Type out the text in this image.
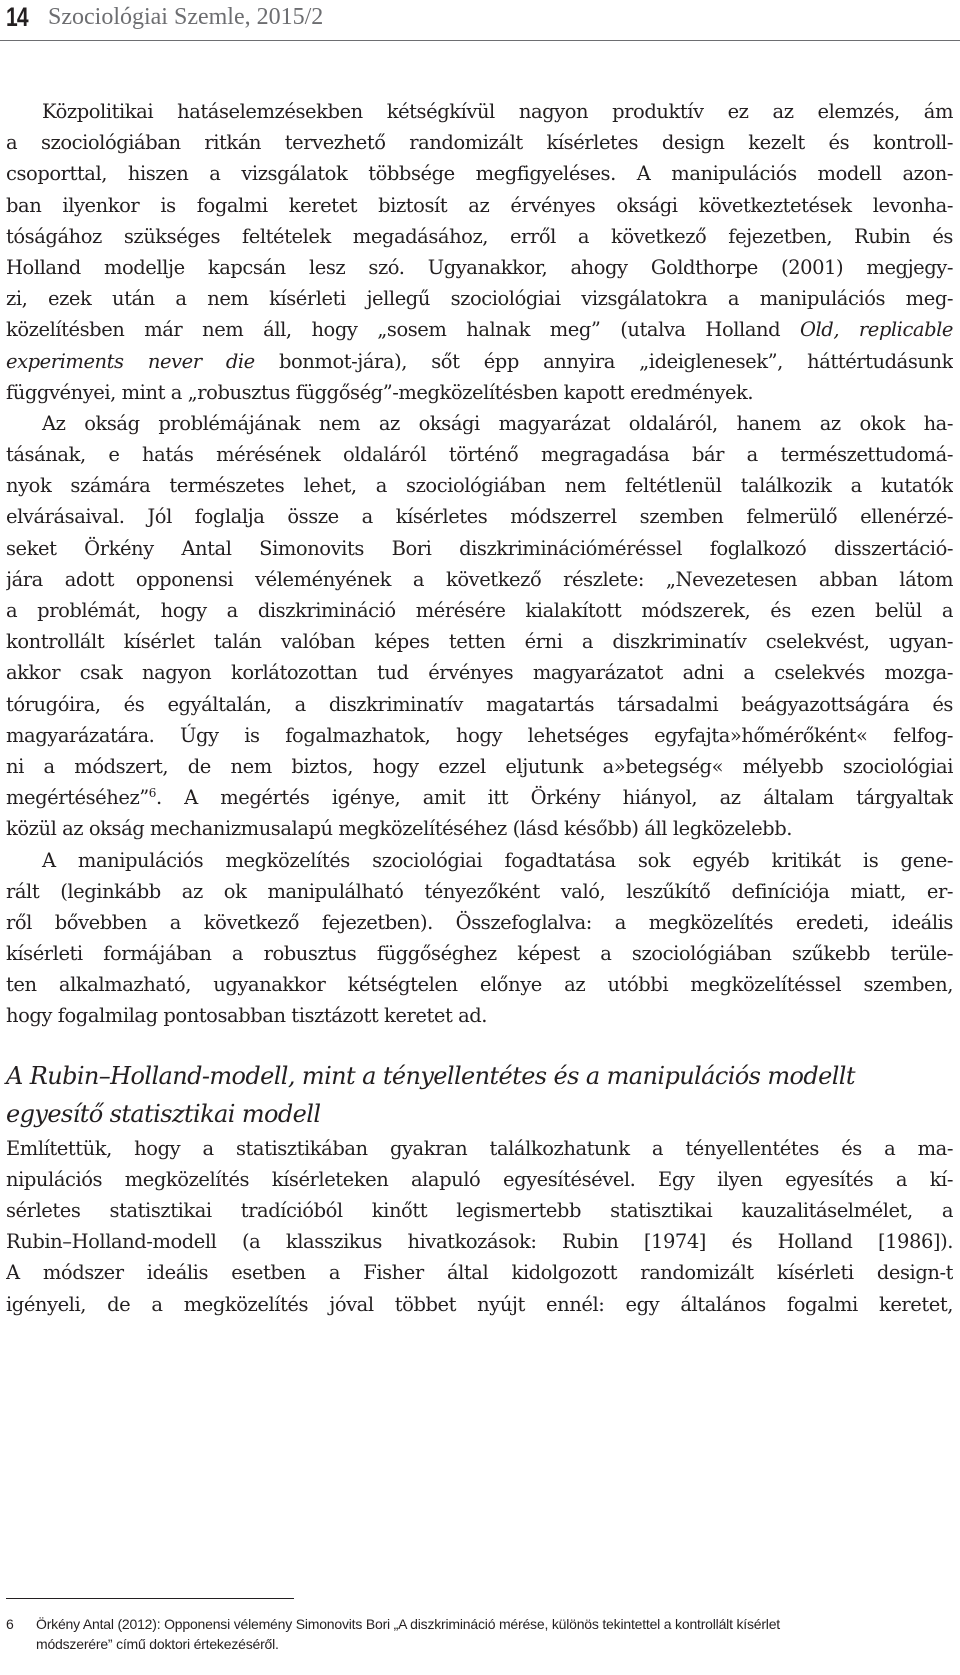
14 Szociológiai Szemle, 2015/2
Közpolitikai hatáselemzésekben kétségkívül nagyon produktív ez az elemzés, ám
a szociológiában ritkán tervezhető randomizált kísérletes design kezelt és kontroll-
csoporttal, hiszen a vizsgálatok többsége megfigyeléses. A manipulációs modell azon-
ban ilyenkor is fogalmi keretet biztosít az érvényes oksági következtetések levonha-
tóságához szükséges feltételek megadásához, erről a következő fejezetben, Rubin és
Holland modellje kapcsán lesz szó. Ugyanakkor, ahogy Goldthorpe (2001) megjegy-
zi, ezek után a nem kísérleti jellegű szociológiai vizsgálatokra a manipulációs meg-
közelítésben már nem áll, hogy „sosem halnak meg” (utalva Holland Old, replicable
experiments never die bonmot-jára), sőt épp annyira „ideiglenesek”, háttértudásunk
függvényei, mint a „robusztus függőség”-megközelítésben kapott eredmények.
Az okság problémájának nem az oksági magyarázat oldaláról, hanem az okok ha-
tásának, e hatás mérésének oldaláról történő megragadása bár a természettudomá-
nyok számára természetes lehet, a szociológiában nem feltétlenül találkozik a kutatók
elvárásaival. Jól foglalja össze a kísérletes módszerrel szemben felmerülő ellenérzé-
seket Örkény Antal Simonovits Bori diszkriminációméréssel foglalkozó disszertáció-
jára adott opponensi véleményének a következő részlete: „Nevezetesen abban látom
a problémát, hogy a diszkrimináció mérésére kialakított módszerek, és ezen belül a
kontrollált kísérlet talán valóban képes tetten érni a diszkriminatív cselekvést, ugyan-
akkor csak nagyon korlátozottan tud érvényes magyarázatot adni a cselekvés mozga-
tórugóira, és egyáltalán, a diszkriminatív magatartás társadalmi beágyazottságára és
magyarázatára. Úgy is fogalmazhatok, hogy lehetséges egyfajta»hőmérőként« felfog-
ni a módszert, de nem biztos, hogy ezzel eljutunk a»betegség« mélyebb szociológiai
megértéséhez”$^6$. A megértés igénye, amit itt Örkény hiányol, az általam tárgyaltak
közül az okság mechanizmusalapú megközelítéséhez (lásd később) áll legközelebb.
A manipulációs megközelítés szociológiai fogadtatása sok egyéb kritikát is gene-
rált (leginkább az ok manipulálható tényezőként való, leszűkítő definíciója miatt, er-
ről bővebben a következő fejezetben). Összefoglalva: a megközelítés eredeti, ideális
kísérleti formájában a robusztus függőséghez képest a szociológiában szűkebb terüle-
ten alkalmazható, ugyanakkor kétségtelen előnye az utóbbi megközelítéssel szemben,
hogy fogalmilag pontosabban tisztázott keretet ad.
A Rubin–Holland-modell, mint a tényellentétes és a manipulációs modellt
egyesítő statisztikai modell
Említettük, hogy a statisztikában gyakran találkozhatunk a tényellentétes és a ma-
nipulációs megközelítés kísérleteken alapuló egyesítésével. Egy ilyen egyesítés a kí-
sérletes statisztikai tradícióból kinőtt legismertebb statisztikai kauzalitáselmélet, a
Rubin–Holland-modell (a klasszikus hivatkozások: Rubin [1974] és Holland [1986]).
A módszer ideális esetben a Fisher által kidolgozott randomizált kísérleti design-t
igényeli, de a megközelítés jóval többet nyújt ennél: egy általános fogalmi keretet,
6 Örkény Antal (2012): Opponensi vélemény Simonovits Bori „A diszkrimináció mérése, különös tekintettel a kontrollált kísérlet
módszerére” című doktori értekezéséről.
